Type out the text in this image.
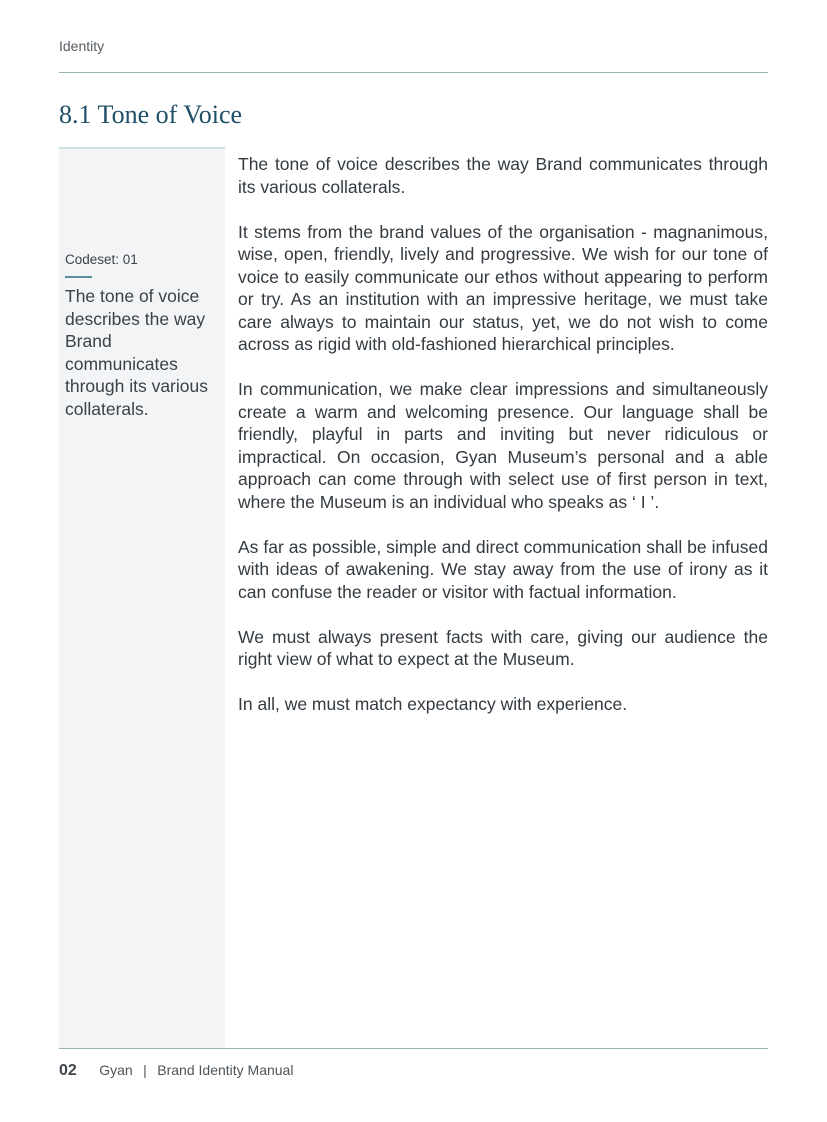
Identity
8.1 Tone of Voice
Codeset: 01

The tone of voice describes the way Brand communicates through its various collaterals.

The tone of voice describes the way Brand communicates through its various collaterals.

It stems from the brand values of the organisation - magnanimous, wise, open, friendly, lively and progressive. We wish for our tone of voice to easily communicate our ethos without appearing to perform or try. As an institution with an impressive heritage, we must take care always to maintain our status, yet, we do not wish to come across as rigid with old-fashioned hierarchical principles.

In communication, we make clear impressions and simultaneously create a warm and welcoming presence. Our language shall be friendly, playful in parts and inviting but never ridiculous or impractical. On occasion, Gyan Museum’s personal and a able approach can come through with select use of first person in text, where the Museum is an individual who speaks as ‘ I ’.

As far as possible, simple and direct communication shall be infused with ideas of awakening. We stay away from the use of irony as it can confuse the reader or visitor with factual information.

We must always present facts with care, giving our audience the right view of what to expect at the Museum.

In all, we must match expectancy with experience.

02 Gyan | Brand Identity Manual
